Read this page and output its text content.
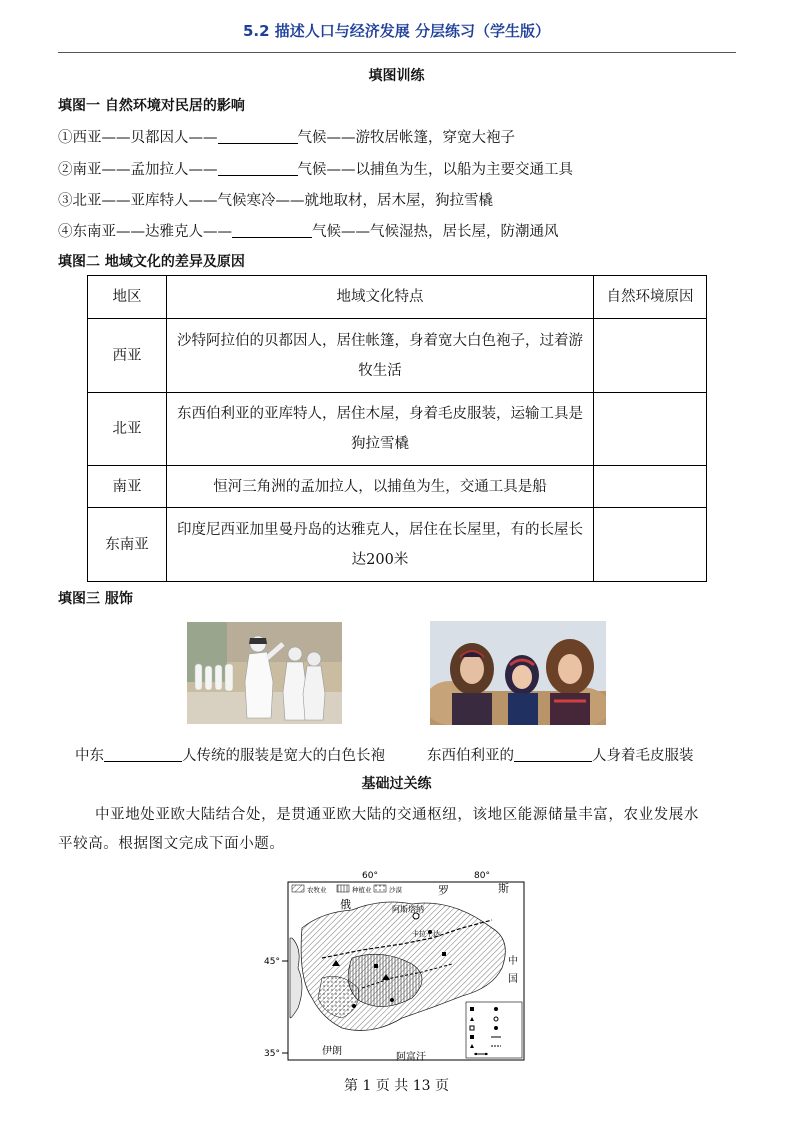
5.2 描述人口与经济发展 分层练习（学生版）
填图训练
填图一 自然环境对民居的影响
①西亚——贝都因人——	气候——游牧居帐篷，穿宽大袍子
②南亚——孟加拉人——	气候——以捕鱼为生，以船为主要交通工具
③北亚——亚库特人——气候寒冷——就地取材，居木屋，狗拉雪橇
④东南亚——达雅克人——	气候——气候湿热，居长屋，防潮通风
填图二 地域文化的差异及原因
地区	地域文化特点	自然环境原因
西亚	沙特阿拉伯的贝都因人，居住帐篷，身着宽大白色袍子，过着游牧生活	
北亚	东西伯利亚的亚库特人，居住木屋，身着毛皮服装，运输工具是狗拉雪橇	
南亚	恒河三角洲的孟加拉人，以捕鱼为生，交通工具是船	
东南亚	印度尼西亚加里曼丹岛的达雅克人，居住在长屋里，有的长屋长达200米	
填图三 服饰
中东	人传统的服装是宽大的白色长袍	东西伯利亚的	人身着毛皮服装
基础过关练
中亚地处亚欧大陆结合处，是贯通亚欧大陆的交通枢纽，该地区能源储量丰富，农业发展水
平较高。根据图文完成下面小题。
60°	80°
45°
35°
农牧业	种植业	沙漠
俄
罗	斯
中
国
伊朗
阿富汗
阿斯塔纳
卡拉干达
第 1 页 共 13 页
